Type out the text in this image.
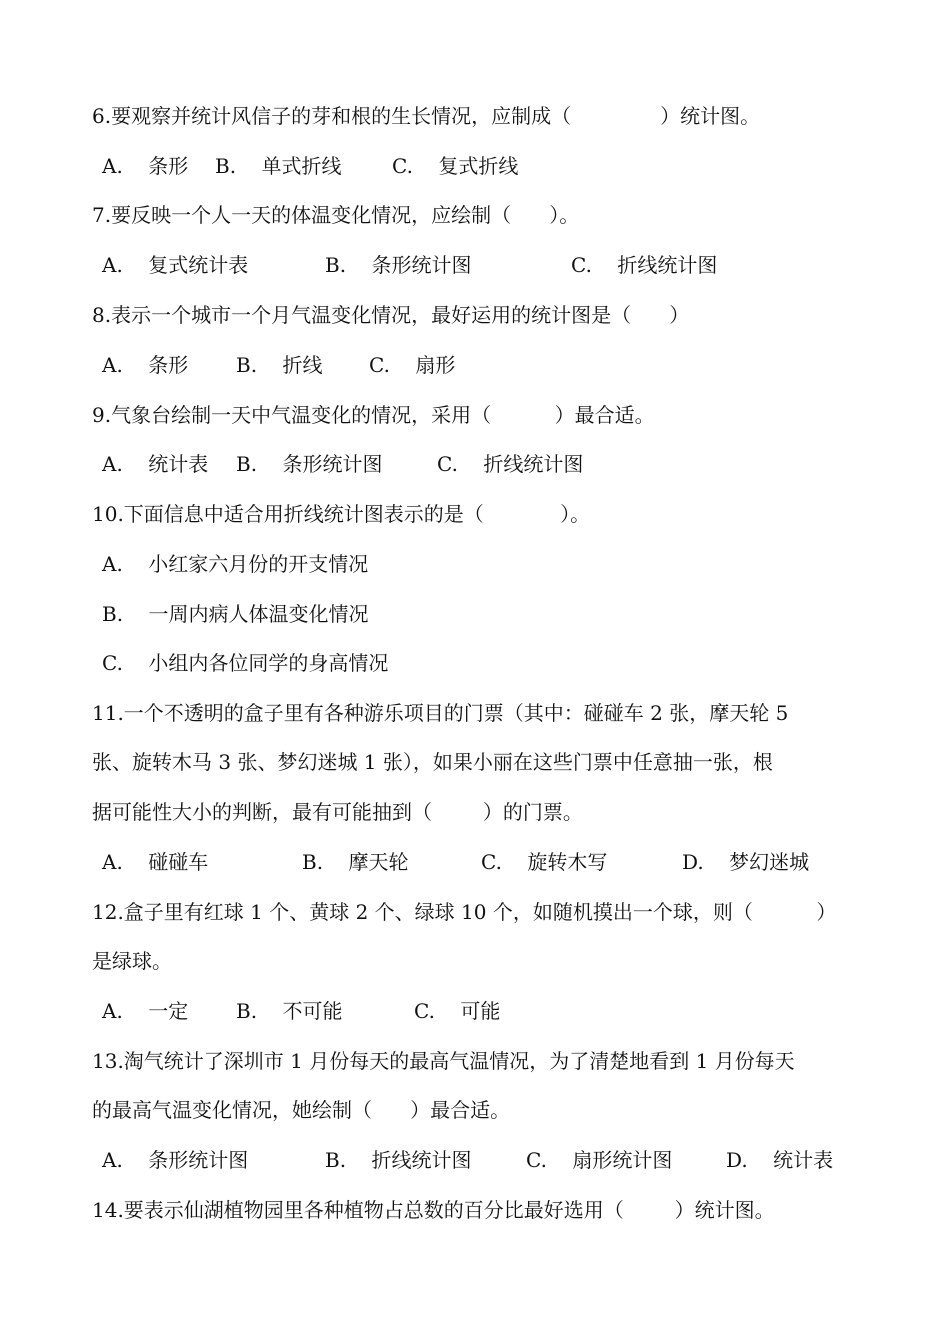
6.要观察并统计风信子的芽和根的生长情况，应制成（              ）统计图。
A.    条形 B.    单式折线	C.    复式折线
7.要反映一个人一天的体温变化情况，应绘制（      ）。
A.    复式统计表	B.    条形统计图	C.    折线统计图
8.表示一个城市一个月气温变化情况，最好运用的统计图是（      ）
A.    条形 B.    折线 C.    扇形
9.气象台绘制一天中气温变化的情况，采用（          ）最合适。
A.    统计表 B.    条形统计图	C.    折线统计图
10.下面信息中适合用折线统计图表示的是（            ）。
A.    小红家六月份的开支情况
B.    一周内病人体温变化情况
C.    小组内各位同学的身高情况
11.一个不透明的盒子里有各种游乐项目的门票（其中：碰碰车 2 张，摩天轮 5
张、旋转木马 3 张、梦幻迷城 1 张），如果小丽在这些门票中任意抽一张，根
据可能性大小的判断，最有可能抽到（        ）的门票。
A.    碰碰车	B.    摩天轮	C.    旋转木写	D.    梦幻迷城
12.盒子里有红球 1 个、黄球 2 个、绿球 10 个，如随机摸出一个球，则（          ）
是绿球。
A.    一定 B.    不可能	C.    可能
13.淘气统计了深圳市 1 月份每天的最高气温情况，为了清楚地看到 1 月份每天
的最高气温变化情况，她绘制（      ）最合适。
A.    条形统计图	B.    折线统计图	C.    扇形统计图	D.    统计表
14.要表示仙湖植物园里各种植物占总数的百分比最好选用（        ）统计图。
